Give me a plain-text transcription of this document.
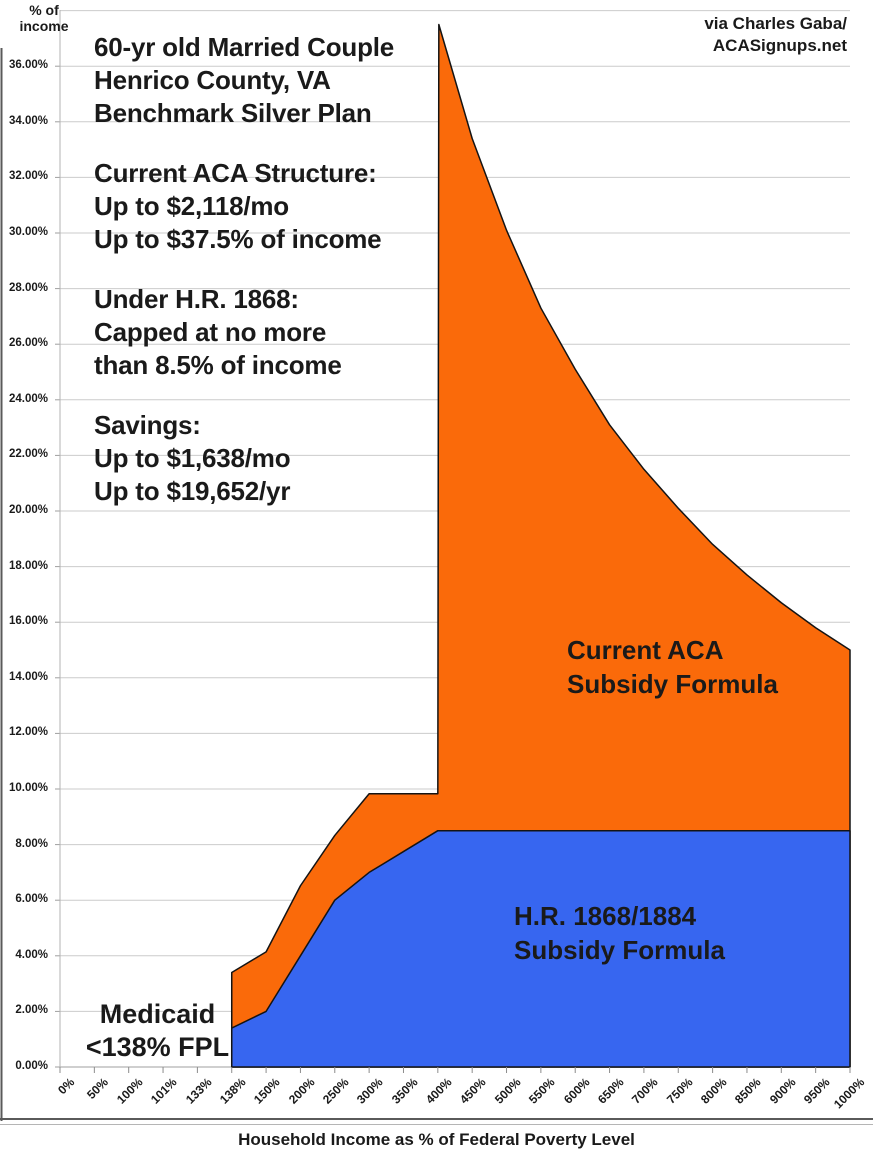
% of
income	via Charles Gaba/
ACASignups.net

60-yr old Married Couple
Henrico County, VA
Benchmark Silver Plan

Current ACA Structure:
Up to $2,118/mo
Up to $37.5% of income

Under H.R. 1868:
Capped at no more
than 8.5% of income

Savings:
Up to $1,638/mo
Up to $19,652/yr

Current ACA
Subsidy Formula
H.R. 1868/1884
Subsidy Formula
Medicaid
<138% FPL
Household Income as % of Federal Poverty Level
0.00%
2.00%
4.00%
6.00%
8.00%
10.00%
12.00%
14.00%
16.00%
18.00%
20.00%
22.00%
24.00%
26.00%
28.00%
30.00%
32.00%
34.00%
36.00%
0% 50% 100% 101% 133% 138% 150% 200% 250% 300% 350% 400% 450% 500% 550% 600% 650% 700% 750% 800% 850% 900% 950%
1000%
